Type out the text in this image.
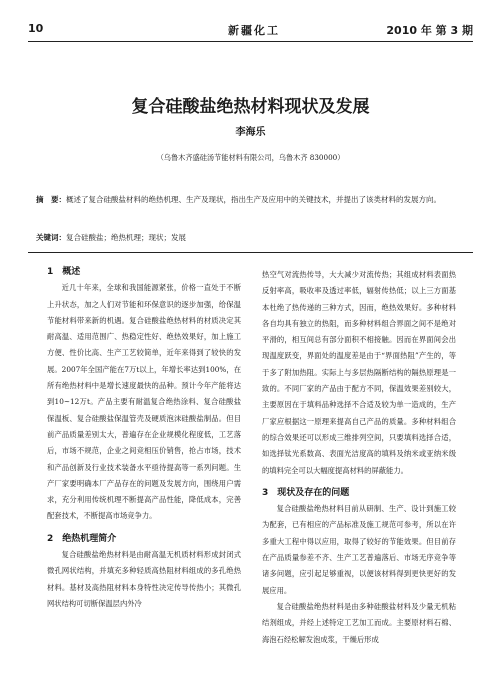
10	新疆化工	2010 年 第 3 期
复合硅酸盐绝热材料现状及发展
李海乐
（乌鲁木齐盛硅汤节能材料有限公司，乌鲁木齐 830000）
摘　要：概述了复合硅酸盐材料的绝热机理、生产及现状，指出生产及应用中的关键技术，并提出了该类材料的发展方向。
关键词：复合硅酸盐；绝热机理；现状；发展

1　概述

近几十年来，全球和我国能源紧张，价格一直处于不断上升状态，加之人们对节能和环保意识的逐步加强，给保温节能材料带来新的机遇。复合硅酸盐绝热材料的材质决定其耐高温、适用范围广、热稳定性好、绝热效果好，加上施工方便、性价比高、生产工艺较简单，近年来得到了较快的发展。2007年全国产能在7万t以上，年增长率达到100%，在所有绝热材料中是增长速度最快的品种。预计今年产能将达到10~12万t。产品主要有耐温复合绝热涂料、复合硅酸盐保温板、复合硅酸盐保温管壳及硬质泡沫硅酸盐制品。但目前产品质量差别太大，普遍存在企业规模化程度低，工艺落后，市场不规范，企业之间竞相压价销售，抢占市场，技术和产品创新及行业技术装备水平亟待提高等一系列问题。生产厂家要明确本厂产品存在的问题及发展方向，围绕用户需求，充分利用传统机理不断提高产品性能，降低成本，完善配套技术，不断提高市场竞争力。

2　绝热机理简介

复合硅酸盐绝热材料是由耐高温无机质材料形成封闭式微孔网状结构，并填充多种轻质高热阻材料组成的多孔绝热材料。基材及高热阻材料本身特性决定传导传热小；其微孔网状结构可切断保温层内外冷

热空气对流热传导，大大减少对流传热；其组成材料表面热反射率高，吸收率及透过率低，辐射传热低；以上三方面基本杜绝了热传递的三种方式，因而，绝热效果好。多种材料各自均具有独立的热阻，而多种材料组合界面之间不是绝对平滑的，相互间总有部分面积不相接触。因而在界面间会出现温度跃变，界面处的温度差是由于“界面热阻”产生的，等于多了附加热阻。实际上与多层热隔断结构的隔热原理是一致的。不同厂家的产品由于配方不同，保温效果差别较大，主要原因在于填料品种选择不合适及较为单一造成的，生产厂家应根据这一原理来提高自己产品的质量。多种材料组合的综合效果还可以形成三维排列空间，只要填料选择合适，如选择钛光系数高、表面光洁度高的填料及纳米或亚纳米级的填料完全可以大幅度提高材料的屏蔽能力。

3　现状及存在的问题

复合硅酸盐绝热材料目前从研制、生产、设计到施工较为配套，已有相应的产品标准及施工规范可参考，所以在许多重大工程中得以应用，取得了较好的节能效果。但目前存在产品质量参差不齐、生产工艺普遍落后、市场无序竞争等诸多问题，应引起足够重视，以便该材料得到更快更好的发展应用。

复合硅酸盐绝热材料是由多种硅酸盐材料及少量无机粘结剂组成，并经上述特定工艺加工而成。主要原材料石棉、海泡石经松解发泡成浆，干燥后形成
